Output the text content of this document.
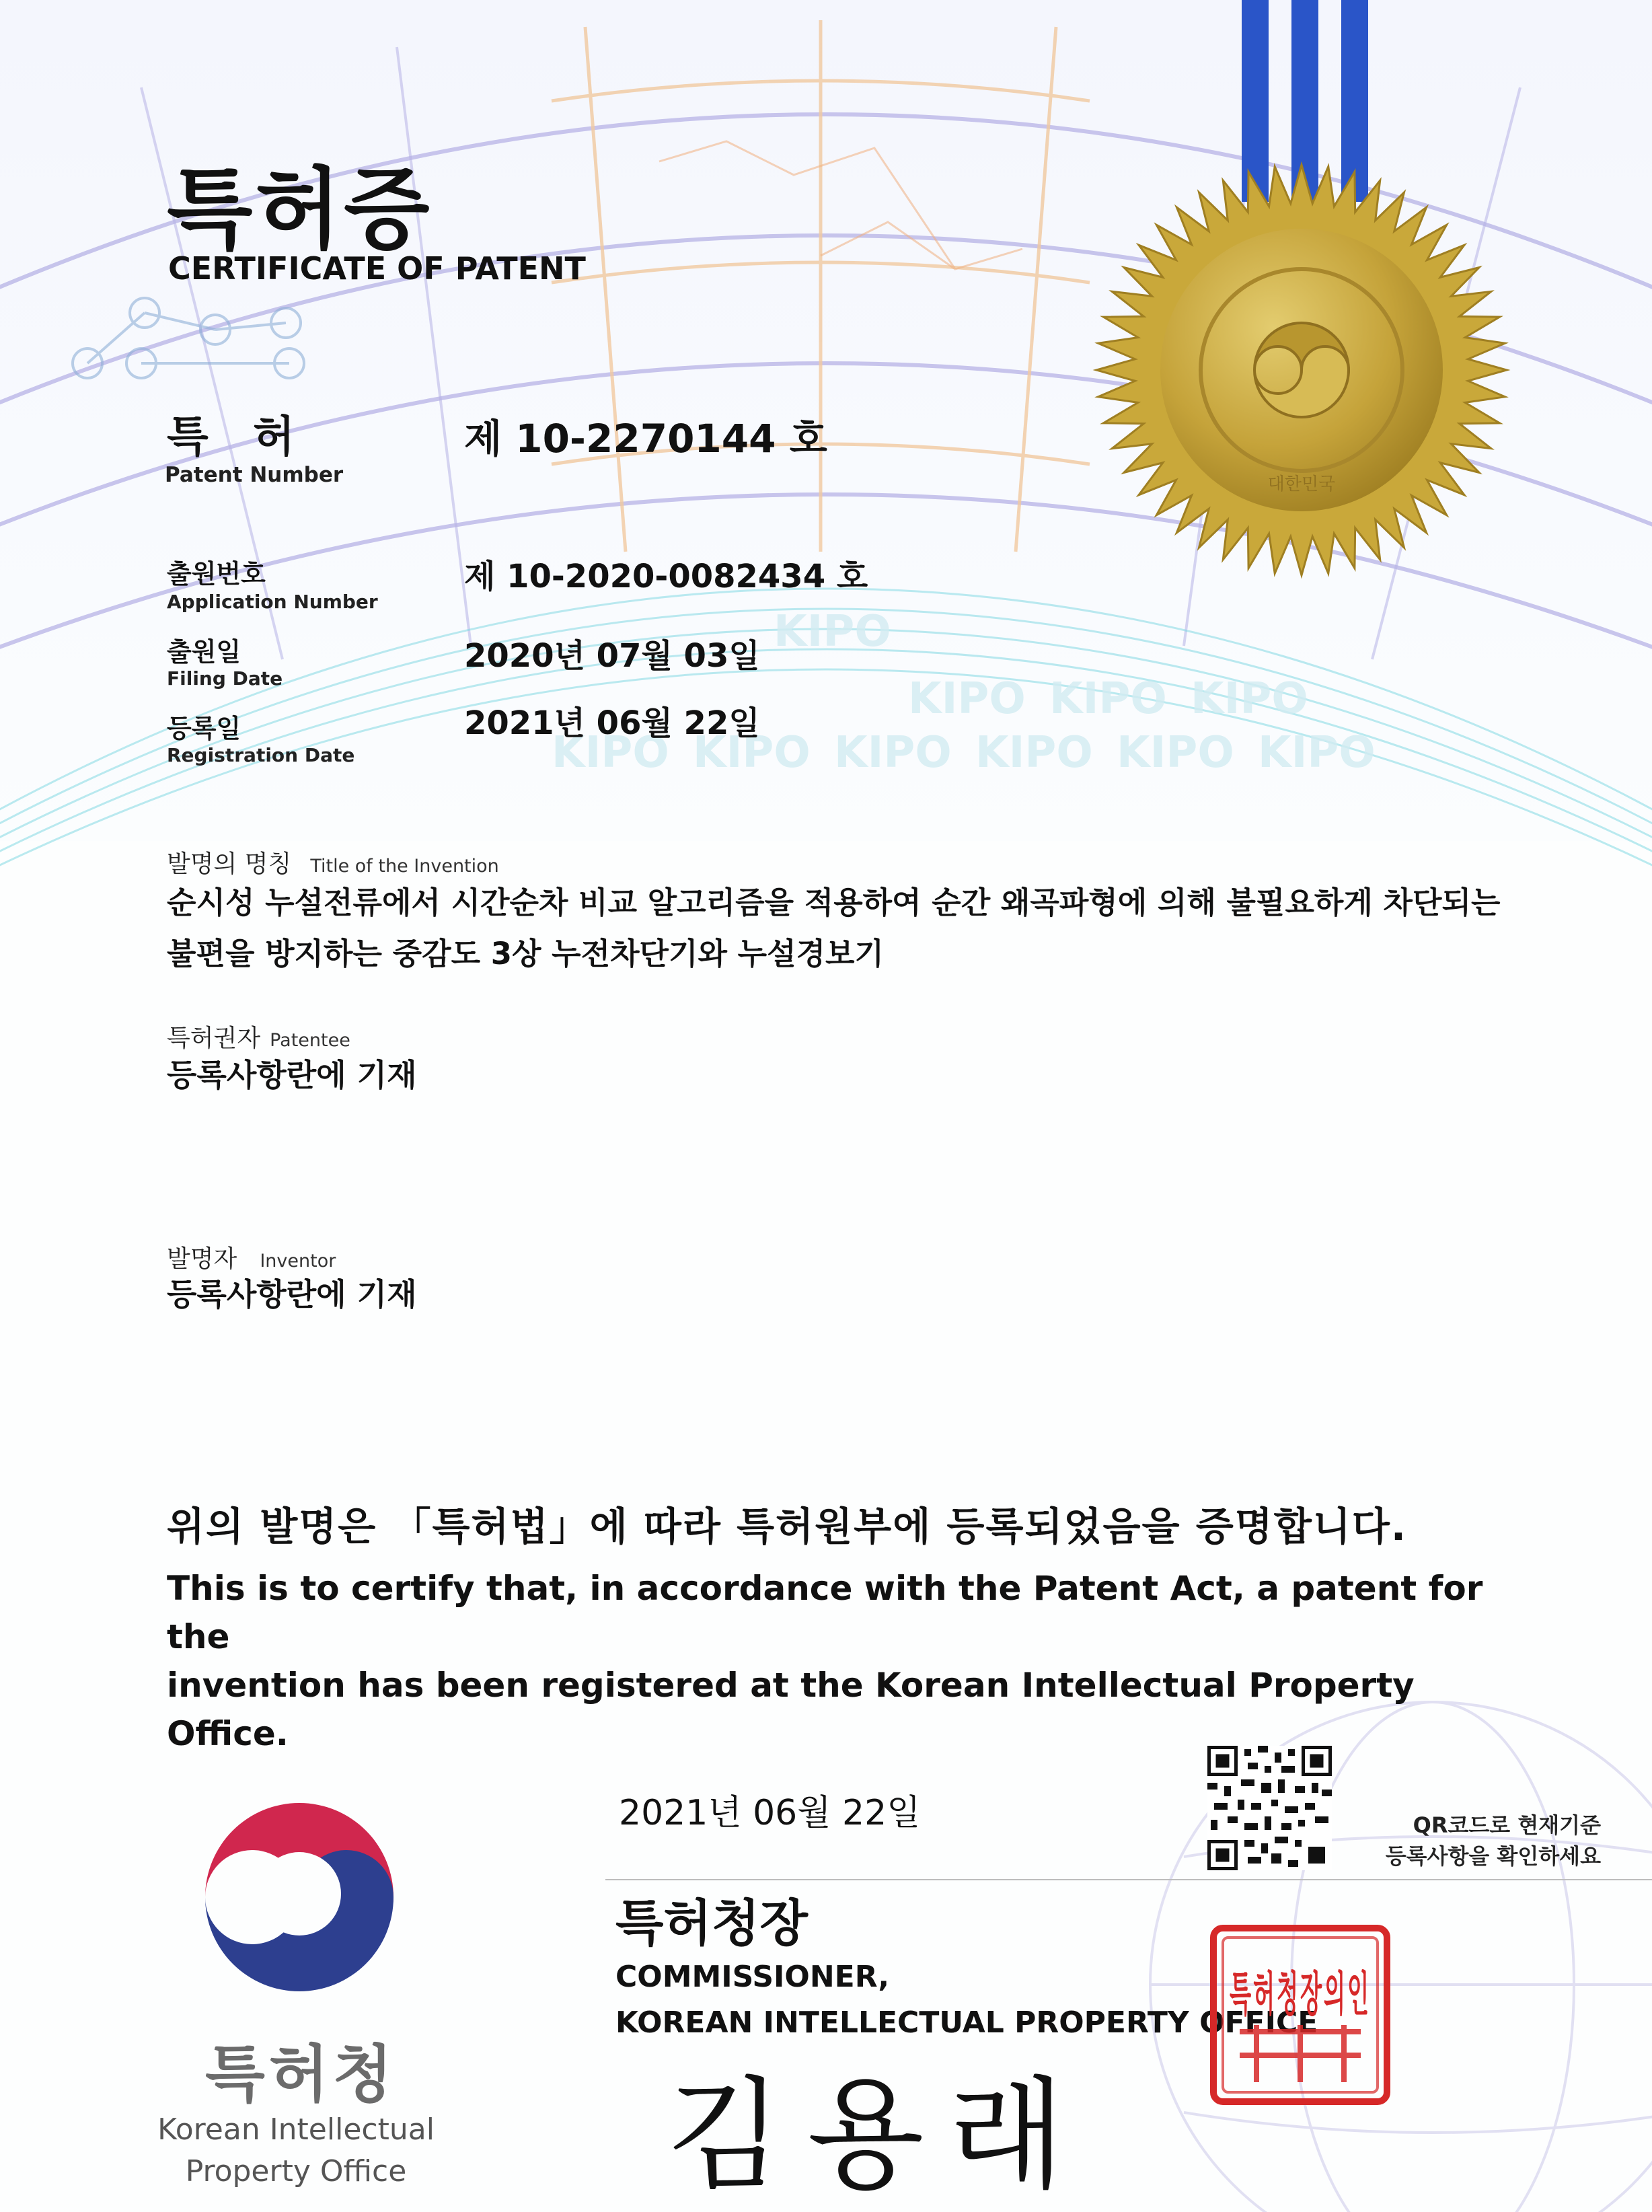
KIPO
KIPO KIPO KIPO
KIPO KIPO KIPO KIPO KIPO KIPO
대한민국
특허증
CERTIFICATE OF PATENT
특 허
Patent Number
제 10-2270144 호
출원번호
Application Number
제 10-2020-0082434 호
출원일
Filing Date
2020년 07월 03일
등록일
Registration Date
2021년 06월 22일
발명의 명칭 Title of the Invention
순시성 누설전류에서 시간순차 비교 알고리즘을 적용하여 순간 왜곡파형에 의해 불필요하게 차단되는
불편을 방지하는 중감도 3상 누전차단기와 누설경보기
특허권자 Patentee
등록사항란에 기재
발명자 Inventor
등록사항란에 기재
위의 발명은 「특허법」에 따라 특허원부에 등록되었음을 증명합니다.
This is to certify that, in accordance with the Patent Act, a patent for the
invention has been registered at the Korean Intellectual Property Office.
2021년 06월 22일
특허청장
COMMISSIONER,
KOREAN INTELLECTUAL PROPERTY OFFICE
김용래
QR코드로 현재기준
등록사항을 확인하세요
특허청장의인
특허청
Korean Intellectual
Property Office
